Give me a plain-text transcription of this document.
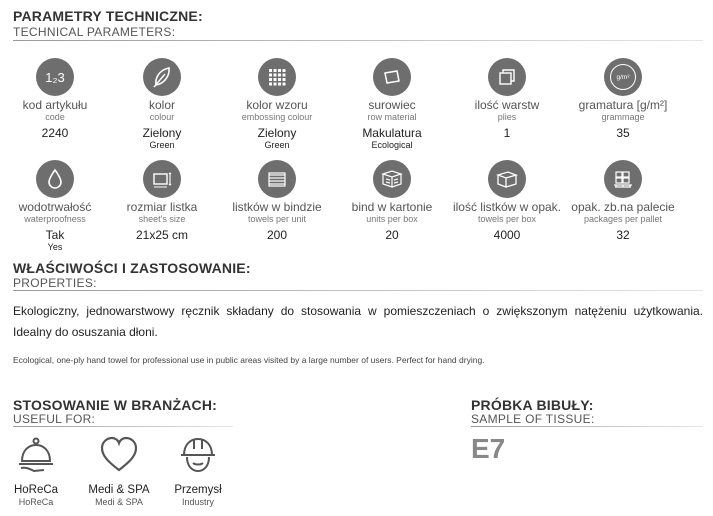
PARAMETRY TECHNICZNE:
TECHNICAL PARAMETERS:
1₂3
kod artykułu
code
2240
kolor
colour
Zielony
Green
kolor wzoru
embossing colour
Zielony
Green
surowiec
row material
Makulatura
Ecological
ilość warstw
plies
1
g/m²
gramatura [g/m²]
grammage
35
wodotrwałość
waterproofness
Tak
Yes
rozmiar listka
sheet's size
21x25 cm
listków w bindzie
towels per unit
200
bind w kartonie
units per box
20
ilość listków w opak.
towels per box
4000
opak. zb.na palecie
packages per pallet
32
WŁAŚCIWOŚCI I ZASTOSOWANIE:
PROPERTIES:
Ekologiczny, jednowarstwowy ręcznik składany do stosowania w pomieszczeniach o zwiększonym natężeniu użytkowania. Idealny do osuszania dłoni.
Ecological, one-ply hand towel for professional use in public areas visited by a large number of users. Perfect for hand drying.
STOSOWANIE W BRANŻACH:
USEFUL FOR:
HoReCa
HoReCa
Medi & SPA
Medi & SPA
Przemysł
Industry
PRÓBKA BIBUŁY:
SAMPLE OF TISSUE:
E7
